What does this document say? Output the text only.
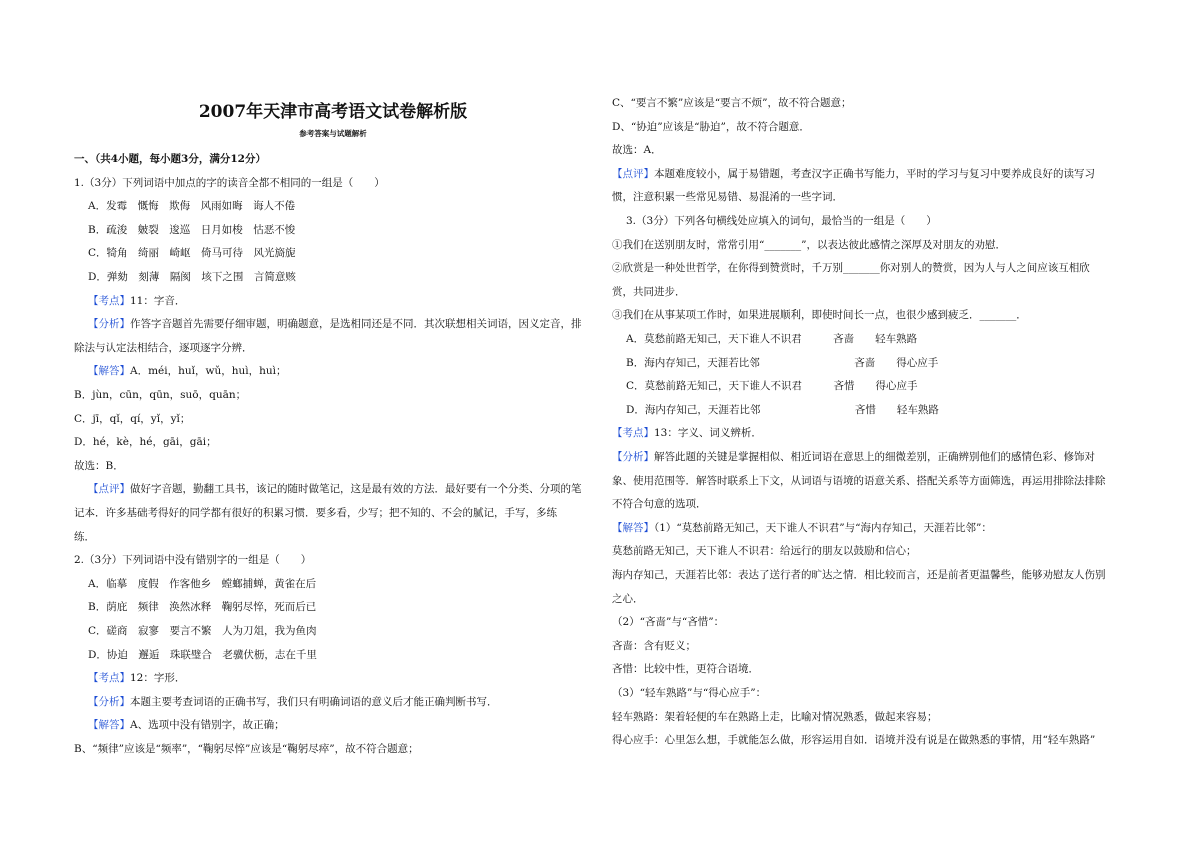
2007年天津市高考语文试卷解析版
参考答案与试题解析
一、（共4小题，每小题3分，满分12分）
1.（3分）下列词语中加点的字的读音全都不相同的一组是（　　）
A．发霉　慨悔　欺侮　风雨如晦　诲人不倦
B．疏浚　皴裂　逡巡　日月如梭　怙恶不悛
C．犄角　绮丽　崎岖　倚马可待　风光旖旎
D．弹劾　刻薄　隔阂　垓下之围　言简意赅
【考点】11：字音．
【分析】作答字音题首先需要仔细审题，明确题意，是选相同还是不同．其次联想相关词语，因义定音，排
除法与认定法相结合，逐项逐字分辨．
【解答】A．méi，huǐ，wǔ，huì，huì；
B．jùn，cūn，qūn，suō，quān；
C．jī，qǐ，qí，yǐ，yǐ；
D．hé，kè，hé，gāi，gāi；
故选：B．
【点评】做好字音题，勤翻工具书，该记的随时做笔记，这是最有效的方法．最好要有一个分类、分项的笔
记本．许多基础考得好的同学都有很好的积累习惯．要多看，少写；把不知的、不会的腻记，手写，多练
练．
2.（3分）下列词语中没有错别字的一组是（　　）
A．临摹　度假　作客他乡　螳螂捕蝉，黄雀在后
B．荫庇　频律　涣然冰释　鞠躬尽悴，死而后已
C．磋商　寂寥　要言不繁　人为刀俎，我为鱼肉
D．协迫　邂逅　珠联璧合　老骥伏枥，志在千里
【考点】12：字形．
【分析】本题主要考查词语的正确书写，我们只有明确词语的意义后才能正确判断书写．
【解答】A、选项中没有错别字，故正确；
B、“频律”应该是“频率”，“鞠躬尽悴”应该是“鞠躬尽瘁”，故不符合题意；
C、“要言不繁”应该是“要言不烦”，故不符合题意；
D、“协迫”应该是“胁迫”，故不符合题意．
故选：A．
【点评】本题难度较小，属于易错题，考查汉字正确书写能力，平时的学习与复习中要养成良好的读写习
惯，注意积累一些常见易错、易混淆的一些字词．
3.（3分）下列各句横线处应填入的词句，最恰当的一组是（　　）
①我们在送别朋友时，常常引用“_______”，以表达彼此感情之深厚及对朋友的劝慰．
②欣赏是一种处世哲学，在你得到赞赏时，千万别_______你对别人的赞赏，因为人与人之间应该互相欣
赏，共同进步．
③我们在从事某项工作时，如果进展顺利，即使时间长一点，也很少感到疲乏．_______．
A．莫愁前路无知己，天下谁人不识君　　　吝啬　　轻车熟路
B．海内存知己，天涯若比邻　　　　　　　　　吝啬　　得心应手
C．莫愁前路无知己，天下谁人不识君　　　吝惜　　得心应手
D．海内存知己，天涯若比邻　　　　　　　　　吝惜　　轻车熟路
【考点】13：字义、词义辨析．
【分析】解答此题的关键是掌握相似、相近词语在意思上的细微差别，正确辨别他们的感情色彩、修饰对
象、使用范围等．解答时联系上下文，从词语与语境的语意关系、搭配关系等方面筛选，再运用排除法排除
不符合句意的选项．
【解答】（1）“莫愁前路无知己，天下谁人不识君”与“海内存知己，天涯若比邻”：
莫愁前路无知己，天下谁人不识君：给远行的朋友以鼓励和信心；
海内存知己，天涯若比邻：表达了送行者的旷达之情．相比较而言，还是前者更温馨些，能够劝慰友人伤别
之心．
（2）“吝啬”与“吝惜”：
吝啬：含有贬义；
吝惜：比较中性，更符合语境．
（3）“轻车熟路”与“得心应手”：
轻车熟路：架着轻便的车在熟路上走，比喻对情况熟悉，做起来容易；
得心应手：心里怎么想，手就能怎么做，形容运用自如．语境并没有说是在做熟悉的事情，用“轻车熟路”
